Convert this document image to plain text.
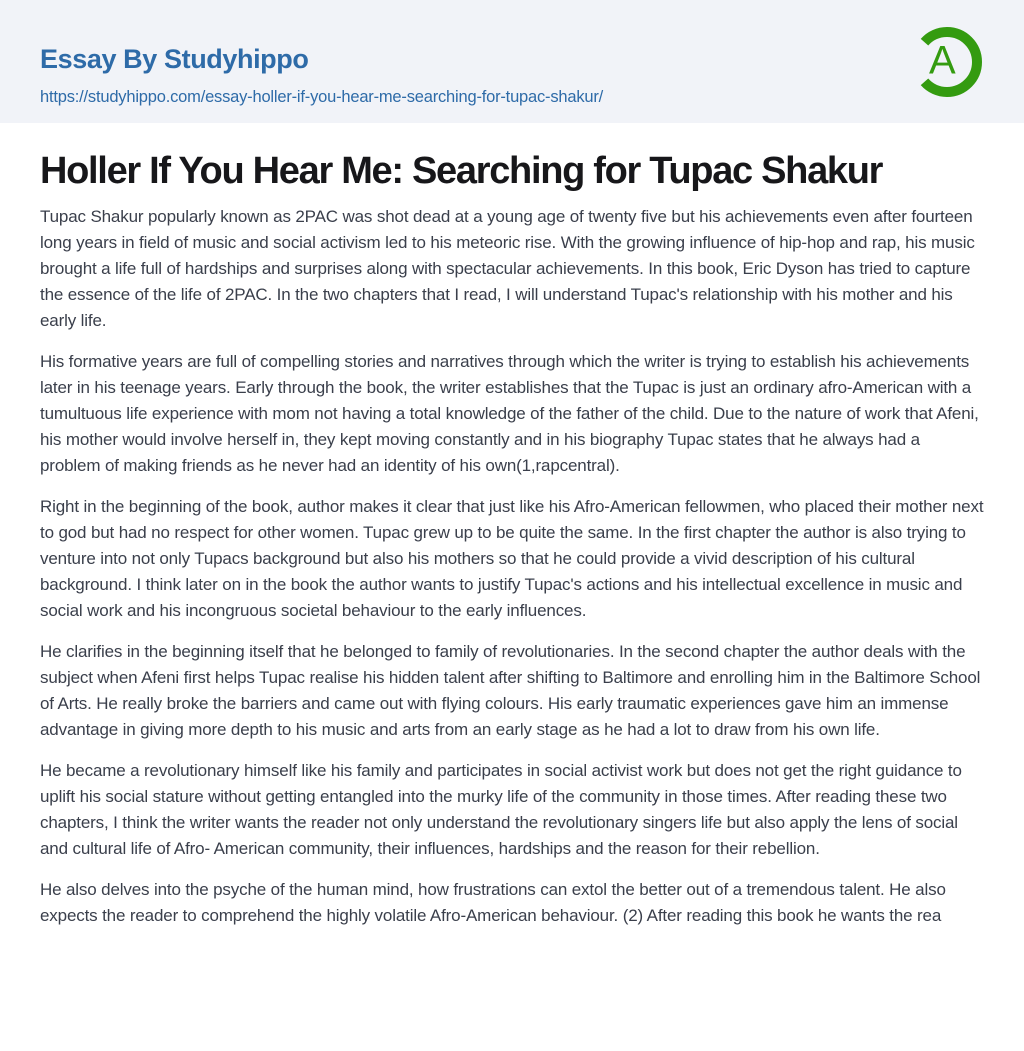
Essay By Studyhippo
https://studyhippo.com/essay-holler-if-you-hear-me-searching-for-tupac-shakur/
A
Holler If You Hear Me: Searching for Tupac Shakur

Tupac Shakur popularly known as 2PAC was shot dead at a young age of twenty five but his achievements even after fourteen long years in field of music and social activism led to his meteoric rise. With the growing influence of hip-hop and rap, his music brought a life full of hardships and surprises along with spectacular achievements. In this book, Eric Dyson has tried to capture the essence of the life of 2PAC. In the two chapters that I read, I will understand Tupac's relationship with his mother and his early life.

His formative years are full of compelling stories and narratives through which the writer is trying to establish his achievements later in his teenage years. Early through the book, the writer establishes that the Tupac is just an ordinary afro-American with a tumultuous life experience with mom not having a total knowledge of the father of the child. Due to the nature of work that Afeni, his mother would involve herself in, they kept moving constantly and in his biography Tupac states that he always had a problem of making friends as he never had an identity of his own(1,rapcentral).

Right in the beginning of the book, author makes it clear that just like his Afro-American fellowmen, who placed their mother next to god but had no respect for other women. Tupac grew up to be quite the same. In the first chapter the author is also trying to venture into not only Tupacs background but also his mothers so that he could provide a vivid description of his cultural background. I think later on in the book the author wants to justify Tupac's actions and his intellectual excellence in music and social work and his incongruous societal behaviour to the early influences.

He clarifies in the beginning itself that he belonged to family of revolutionaries. In the second chapter the author deals with the subject when Afeni first helps Tupac realise his hidden talent after shifting to Baltimore and enrolling him in the Baltimore School of Arts. He really broke the barriers and came out with flying colours. His early traumatic experiences gave him an immense advantage in giving more depth to his music and arts from an early stage as he had a lot to draw from his own life.

He became a revolutionary himself like his family and participates in social activist work but does not get the right guidance to uplift his social stature without getting entangled into the murky life of the community in those times. After reading these two chapters, I think the writer wants the reader not only understand the revolutionary singers life but also apply the lens of social and cultural life of Afro- American community, their influences, hardships and the reason for their rebellion.

He also delves into the psyche of the human mind, how frustrations can extol the better out of a tremendous talent. He also expects the reader to comprehend the highly volatile Afro-American behaviour. (2) After reading this book he wants the rea
